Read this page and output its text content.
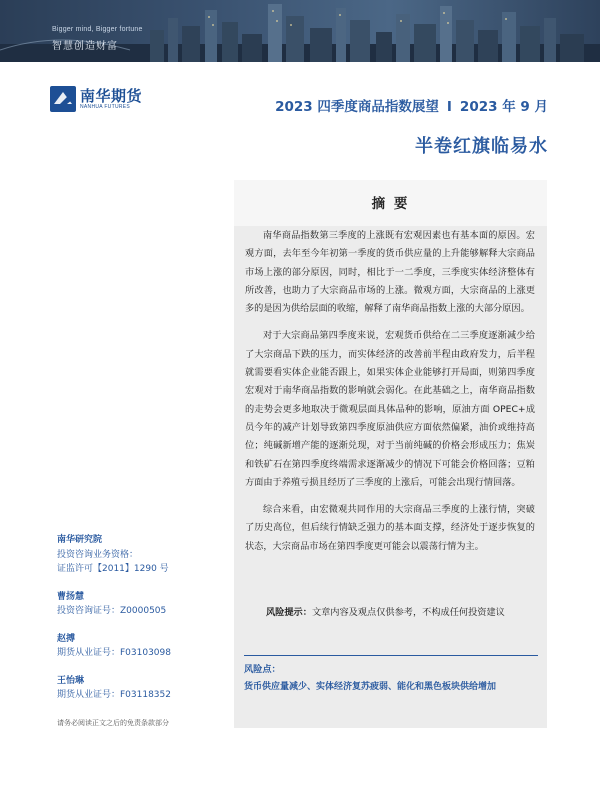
Bigger mind, Bigger fortune
智慧创造财富
南华期货
NANHUA FUTURES	2023 四季度商品指数展望 I 2023 年 9 月
半卷红旗临易水
摘 要

南华商品指数第三季度的上涨既有宏观因素也有基本面的原因。宏观方面，去年至今年初第一季度的货币供应量的上升能够解释大宗商品市场上涨的部分原因，同时，相比于一二季度，三季度实体经济整体有所改善，也助力了大宗商品市场的上涨。微观方面，大宗商品的上涨更多的是因为供给层面的收缩，解释了南华商品指数上涨的大部分原因。

对于大宗商品第四季度来说，宏观货币供给在二三季度逐渐减少给了大宗商品下跌的压力，而实体经济的改善前半程由政府发力，后半程就需要看实体企业能否跟上，如果实体企业能够打开局面，则第四季度宏观对于南华商品指数的影响就会弱化。在此基础之上，南华商品指数的走势会更多地取决于微观层面具体品种的影响，原油方面 OPEC+成员今年的减产计划导致第四季度原油供应方面依然偏紧，油价或维持高位；纯碱新增产能的逐渐兑现，对于当前纯碱的价格会形成压力；焦炭和铁矿石在第四季度终端需求逐渐减少的情况下可能会价格回落；豆粕方面由于养殖亏损且经历了三季度的上涨后，可能会出现行情回落。

综合来看，由宏微观共同作用的大宗商品三季度的上涨行情，突破了历史高位，但后续行情缺乏强力的基本面支撑，经济处于逐步恢复的状态，大宗商品市场在第四季度更可能会以震荡行情为主。

风险提示：文章内容及观点仅供参考，不构成任何投资建议
风险点：
货币供应量减少、实体经济复苏疲弱、能化和黑色板块供给增加
南华研究院
投资咨询业务资格：
证监许可【2011】1290 号
曹扬慧
投资咨询证号：Z0000505
赵搏
期货从业证号：F03103098
王怡琳
期货从业证号：F03118352
请务必阅读正文之后的免责条款部分
